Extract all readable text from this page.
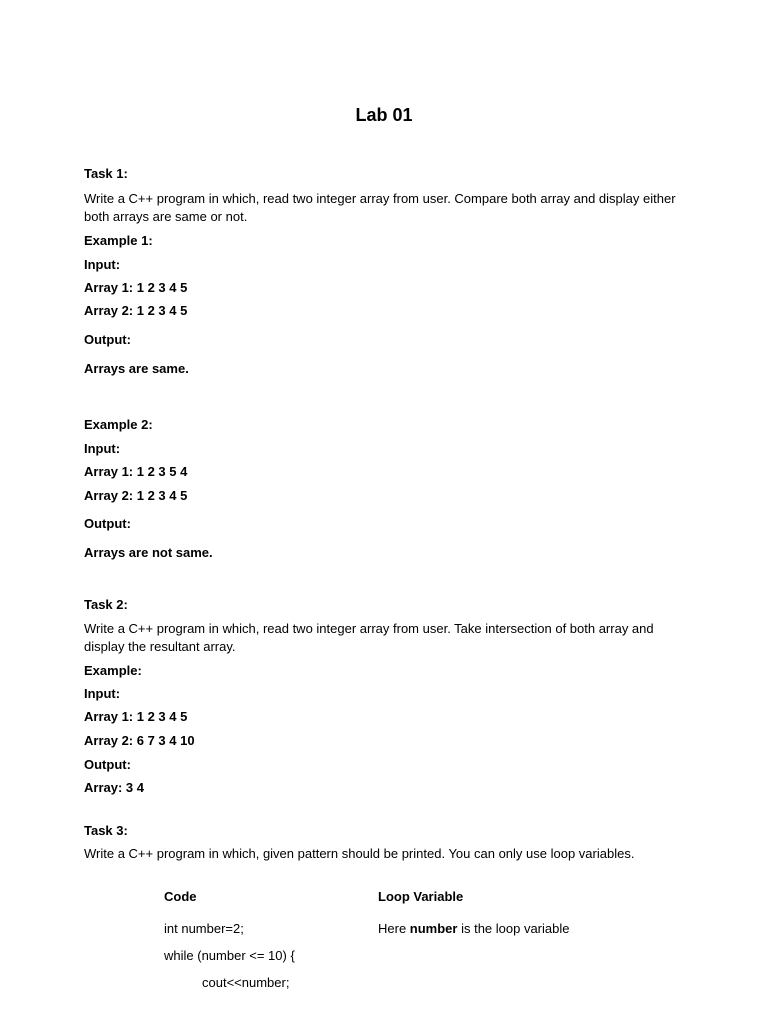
Lab 01
Task 1:
Write a C++ program in which, read two integer array from user. Compare both array and display either both arrays are same or not.
Example 1:
Input:
Array 1: 1 2 3 4 5
Array 2: 1 2 3 4 5
Output:
Arrays are same.
Example 2:
Input:
Array 1: 1 2 3 5 4
Array 2: 1 2 3 4 5
Output:
Arrays are not same.
Task 2:
Write a C++ program in which, read two integer array from user. Take intersection of both array and display the resultant array.
Example:
Input:
Array 1: 1 2 3 4 5
Array 2: 6 7 3 4 10
Output:
Array: 3 4
Task 3:
Write a C++ program in which, given pattern should be printed. You can only use loop variables.
Code	Loop Variable
int number=2;	Here number is the loop variable
while (number <= 10) {
cout<<number;
